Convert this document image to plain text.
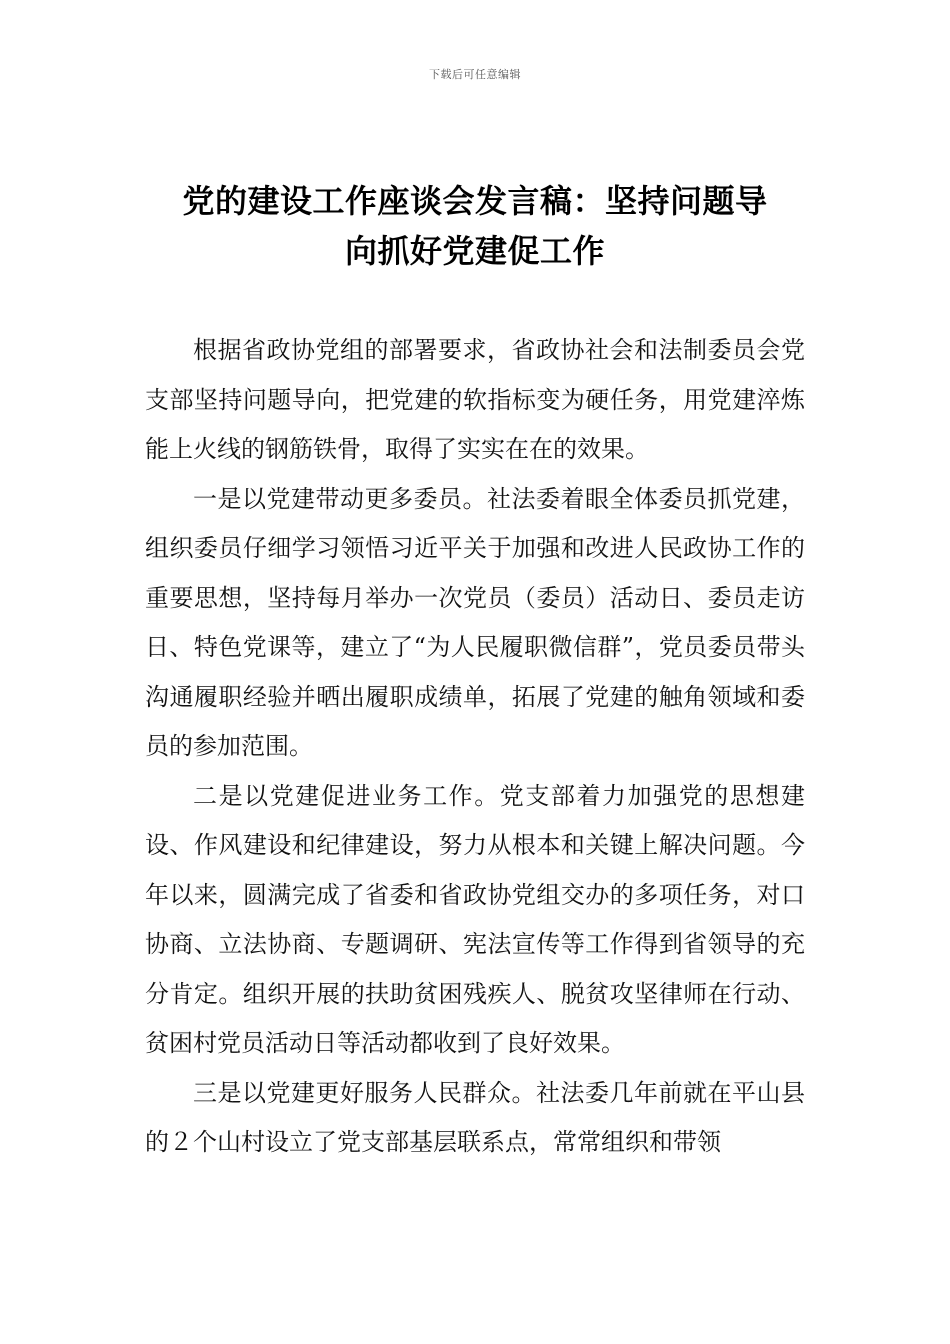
下载后可任意编辑
党的建设工作座谈会发言稿：坚持问题导
向抓好党建促工作

根据省政协党组的部署要求，省政协社会和法制委员会党支部坚持问题导向，把党建的软指标变为硬任务，用党建淬炼能上火线的钢筋铁骨，取得了实实在在的效果。

一是以党建带动更多委员。社法委着眼全体委员抓党建，组织委员仔细学习领悟习近平关于加强和改进人民政协工作的重要思想，坚持每月举办一次党员（委员）活动日、委员走访日、特色党课等，建立了“为人民履职微信群”，党员委员带头沟通履职经验并晒出履职成绩单，拓展了党建的触角领域和委员的参加范围。

二是以党建促进业务工作。党支部着力加强党的思想建设、作风建设和纪律建设，努力从根本和关键上解决问题。今年以来，圆满完成了省委和省政协党组交办的多项任务，对口协商、立法协商、专题调研、宪法宣传等工作得到省领导的充分肯定。组织开展的扶助贫困残疾人、脱贫攻坚律师在行动、贫困村党员活动日等活动都收到了良好效果。

三是以党建更好服务人民群众。社法委几年前就在平山县的２个山村设立了党支部基层联系点，常常组织和带领
